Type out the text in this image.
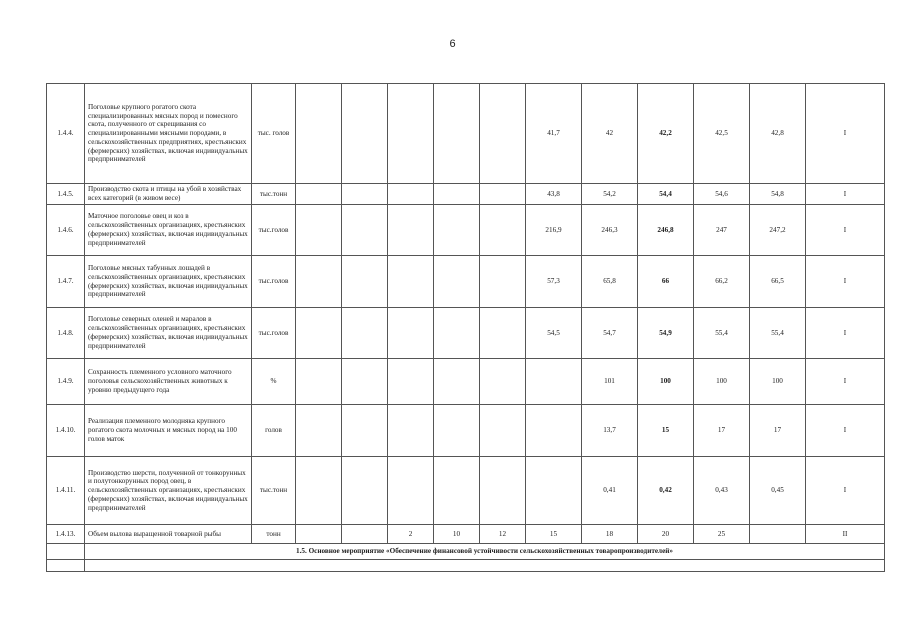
6
1.4.4.	Поголовье крупного рогатого скота специализированных мясных пород и помесного скота, полученного от скрещивания со специализированными мясными породами, в сельскохозяйственных предприятиях, крестьянских (фермерских) хозяйствах, включая индивидуальных предпринимателей	тыс. голов						41,7	42	42,2	42,5	42,8	I
1.4.5.	Производство скота и птицы на убой в хозяйствах всех категорий (в живом весе)	тыс.тонн						43,8	54,2	54,4	54,6	54,8	I
1.4.6.	Маточное поголовье овец и коз в сельскохозяйственных организациях, крестьянских (фермерских) хозяйствах, включая индивидуальных предпринимателей	тыс.голов						216,9	246,3	246,8	247	247,2	I
1.4.7.	Поголовье мясных табунных лошадей в сельскохозяйственных организациях, крестьянских (фермерских) хозяйствах, включая индивидуальных предпринимателей	тыс.голов						57,3	65,8	66	66,2	66,5	I
1.4.8.	Поголовье северных оленей и маралов в сельскохозяйственных организациях, крестьянских (фермерских) хозяйствах, включая индивидуальных предпринимателей	тыс.голов						54,5	54,7	54,9	55,4	55,4	I
1.4.9.	Сохранность племенного условного маточного поголовья сельскохозяйственных животных к уровню предыдущего года	%							101	100	100	100	I
1.4.10.	Реализация племенного молодняка крупного рогатого скота молочных и мясных пород на 100 голов маток	голов							13,7	15	17	17	I
1.4.11.	Производство шерсти, полученной от тонкорунных и полутонкорунных пород овец, в сельскохозяйственных организациях, крестьянских (фермерских) хозяйствах, включая индивидуальных предпринимателей	тыс.тонн							0,41	0,42	0,43	0,45	I
1.4.13.	Объем вылова выращенной товарной рыбы	тонн			2	10	12	15	18	20	25		II
	1.5. Основное мероприятие «Обеспечение финансовой устойчивости сельскохозяйственных товаропроизводителей»												
